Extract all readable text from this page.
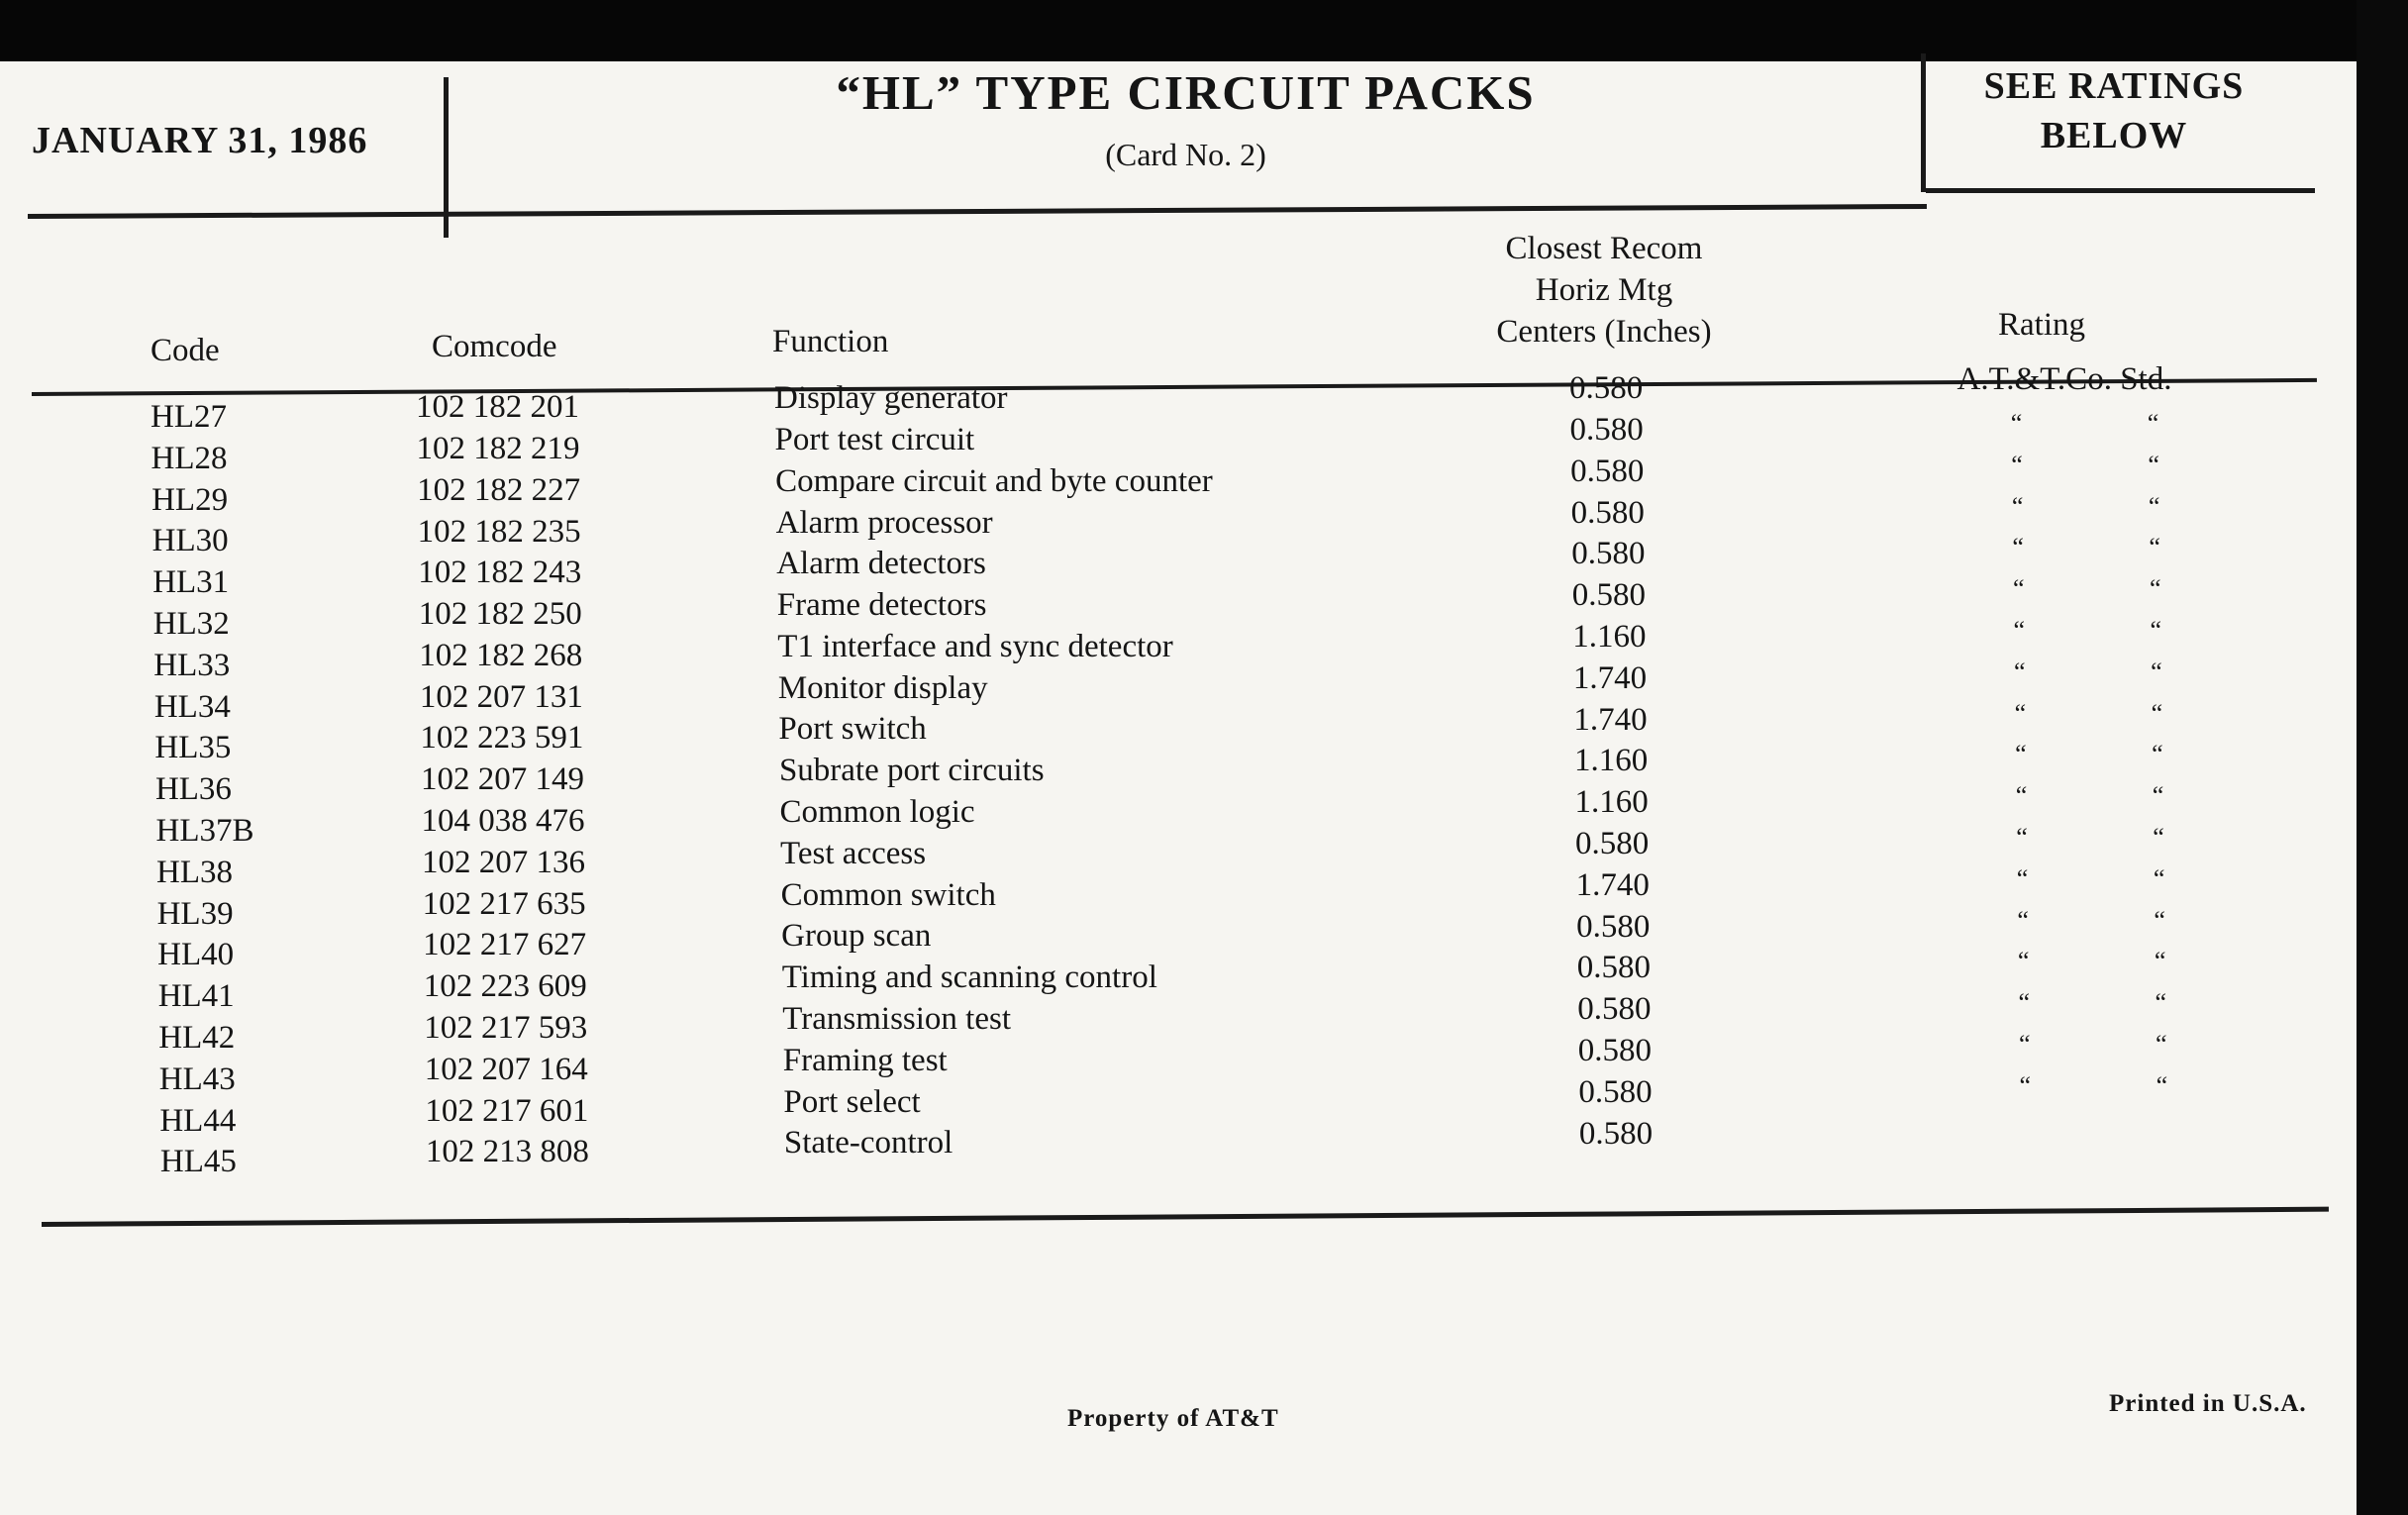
JANUARY 31, 1986
“HL” TYPE CIRCUIT PACKS
(Card No. 2)
SEE RATINGS
BELOW
Code	Comcode	Function
Closest Recom
Horiz Mtg
Centers (Inches)	Rating
HL27	102 182 201	Display generator	0.580	A.T.&T.Co. Std.
HL28	102 182 219	Port test circuit	0.580	“ “
HL29	102 182 227	Compare circuit and byte counter	0.580	“ “
HL30	102 182 235	Alarm processor	0.580	“ “
HL31	102 182 243	Alarm detectors	0.580	“ “
HL32	102 182 250	Frame detectors	0.580	“ “
HL33	102 182 268	T1 interface and sync detector	1.160	“ “
HL34	102 207 131	Monitor display	1.740	“ “
HL35	102 223 591	Port switch	1.740	“ “
HL36	102 207 149	Subrate port circuits	1.160	“ “
HL37B	104 038 476	Common logic	1.160	“ “
HL38	102 207 136	Test access	0.580	“ “
HL39	102 217 635	Common switch	1.740	“ “
HL40	102 217 627	Group scan	0.580	“ “
HL41	102 223 609	Timing and scanning control	0.580	“ “
HL42	102 217 593	Transmission test	0.580	“ “
HL43	102 207 164	Framing test	0.580	“ “
HL44	102 217 601	Port select	0.580	“ “
HL45	102 213 808	State-control	0.580
Property of AT&T
Printed in U.S.A.
